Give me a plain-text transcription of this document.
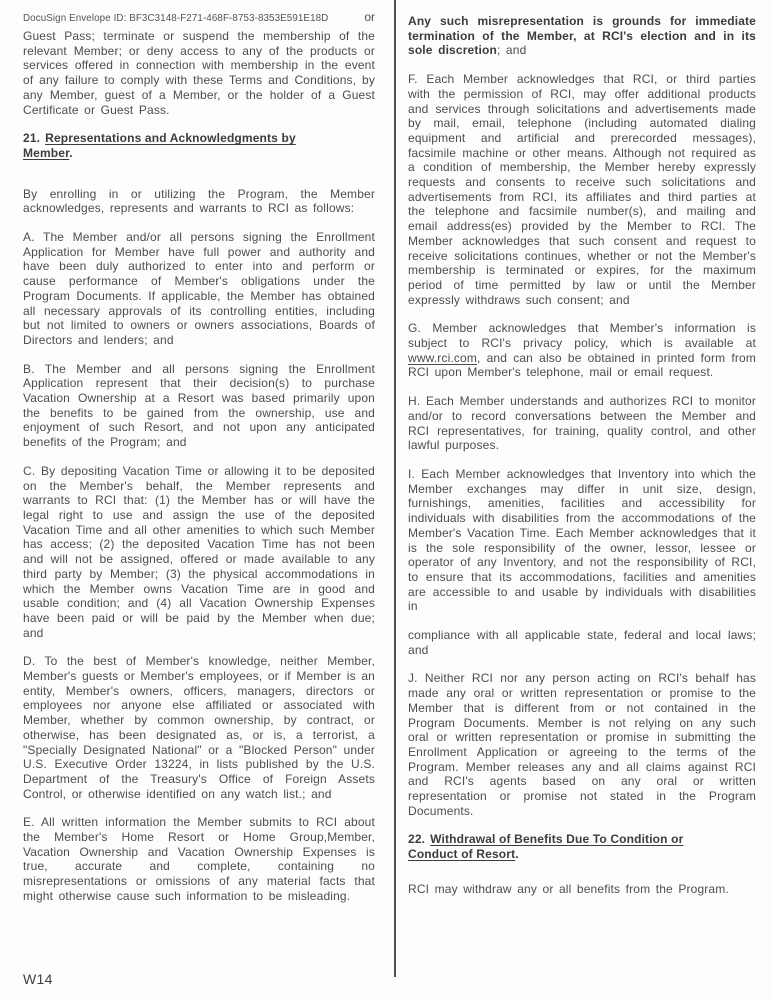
DocuSign Envelope ID: BF3C3148-F271-468F-8753-8353E591E18D	or

Guest Pass; terminate or suspend the membership of the relevant Member; or deny access to any of the products or services offered in connection with membership in the event of any failure to comply with these Terms and Conditions, by any Member, guest of a Member, or the holder of a Guest Certificate or Guest Pass.

21. Representations and Acknowledgments by
Member.

By enrolling in or utilizing the Program, the Member acknowledges, represents and warrants to RCI as follows:

A. The Member and/or all persons signing the Enrollment Application for Member have full power and authority and have been duly authorized to enter into and perform or cause performance of Member's obligations under the Program Documents. If applicable, the Member has obtained all necessary approvals of its controlling entities, including but not limited to owners or owners associations, Boards of Directors and lenders; and

B. The Member and all persons signing the Enrollment Application represent that their decision(s) to purchase Vacation Ownership at a Resort was based primarily upon the benefits to be gained from the ownership, use and enjoyment of such Resort, and not upon any anticipated benefits of the Program; and

C. By depositing Vacation Time or allowing it to be deposited on the Member's behalf, the Member represents and warrants to RCI that: (1) the Member has or will have the legal right to use and assign the use of the deposited Vacation Time and all other amenities to which such Member has access; (2) the deposited Vacation Time has not been and will not be assigned, offered or made available to any third party by Member; (3) the physical accommodations in which the Member owns Vacation Time are in good and usable condition; and (4) all Vacation Ownership Expenses have been paid or will be paid by the Member when due; and

D. To the best of Member's knowledge, neither Member, Member's guests or Member's employees, or if Member is an entity, Member's owners, officers, managers, directors or employees nor anyone else affiliated or associated with Member, whether by common ownership, by contract, or otherwise, has been designated as, or is, a terrorist, a "Specially Designated National" or a "Blocked Person" under U.S. Executive Order 13224, in lists published by the U.S. Department of the Treasury's Office of Foreign Assets Control, or otherwise identified on any watch list.; and

E. All written information the Member submits to RCI about the Member's Home Resort or Home Group,Member, Vacation Ownership and Vacation Ownership Expenses is true, accurate and complete, containing no misrepresentations or omissions of any material facts that might otherwise cause such information to be misleading.

Any such misrepresentation is grounds for immediate termination of the Member, at RCI's election and in its sole discretion; and

F. Each Member acknowledges that RCI, or third parties with the permission of RCI, may offer additional products and services through solicitations and advertisements made by mail, email, telephone (including automated dialing equipment and artificial and prerecorded messages), facsimile machine or other means. Although not required as a condition of membership, the Member hereby expressly requests and consents to receive such solicitations and advertisements from RCI, its affiliates and third parties at the telephone and facsimile number(s), and mailing and email address(es) provided by the Member to RCI. The Member acknowledges that such consent and request to receive solicitations continues, whether or not the Member's membership is terminated or expires, for the maximum period of time permitted by law or until the Member expressly withdraws such consent; and

G. Member acknowledges that Member's information is subject to RCI's privacy policy, which is available at www.rci.com, and can also be obtained in printed form from RCI upon Member's telephone, mail or email request.

H. Each Member understands and authorizes RCI to monitor and/or to record conversations between the Member and RCI representatives, for training, quality control, and other lawful purposes.

I. Each Member acknowledges that Inventory into which the Member exchanges may differ in unit size, design, furnishings, amenities, facilities and accessibility for individuals with disabilities from the accommodations of the Member's Vacation Time. Each Member acknowledges that it is the sole responsibility of the owner, lessor, lessee or operator of any Inventory, and not the responsibility of RCI, to ensure that its accommodations, facilities and amenities are accessible to and usable by individuals with disabilities in

compliance with all applicable state, federal and local laws; and

J. Neither RCI nor any person acting on RCI's behalf has made any oral or written representation or promise to the Member that is different from or not contained in the Program Documents. Member is not relying on any such oral or written representation or promise in submitting the Enrollment Application or agreeing to the terms of the Program. Member releases any and all claims against RCI and RCI's agents based on any oral or written representation or promise not stated in the Program Documents.

22. Withdrawal of Benefits Due To Condition or
Conduct of Resort.

RCI may withdraw any or all benefits from the Program.

W14
